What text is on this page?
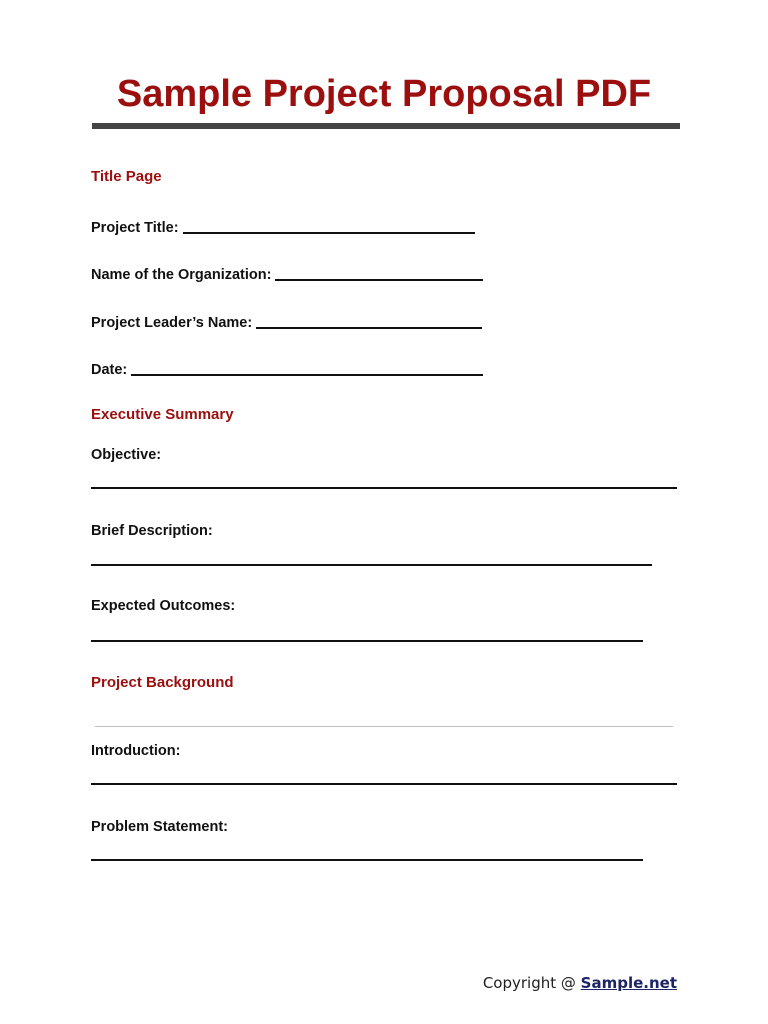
Sample Project Proposal PDF
Title Page
Project Title:
Name of the Organization:
Project Leader’s Name:
Date:
Executive Summary
Objective:
Brief Description:
Expected Outcomes:
Project Background
Introduction:
Problem Statement:
Copyright @ Sample.net
